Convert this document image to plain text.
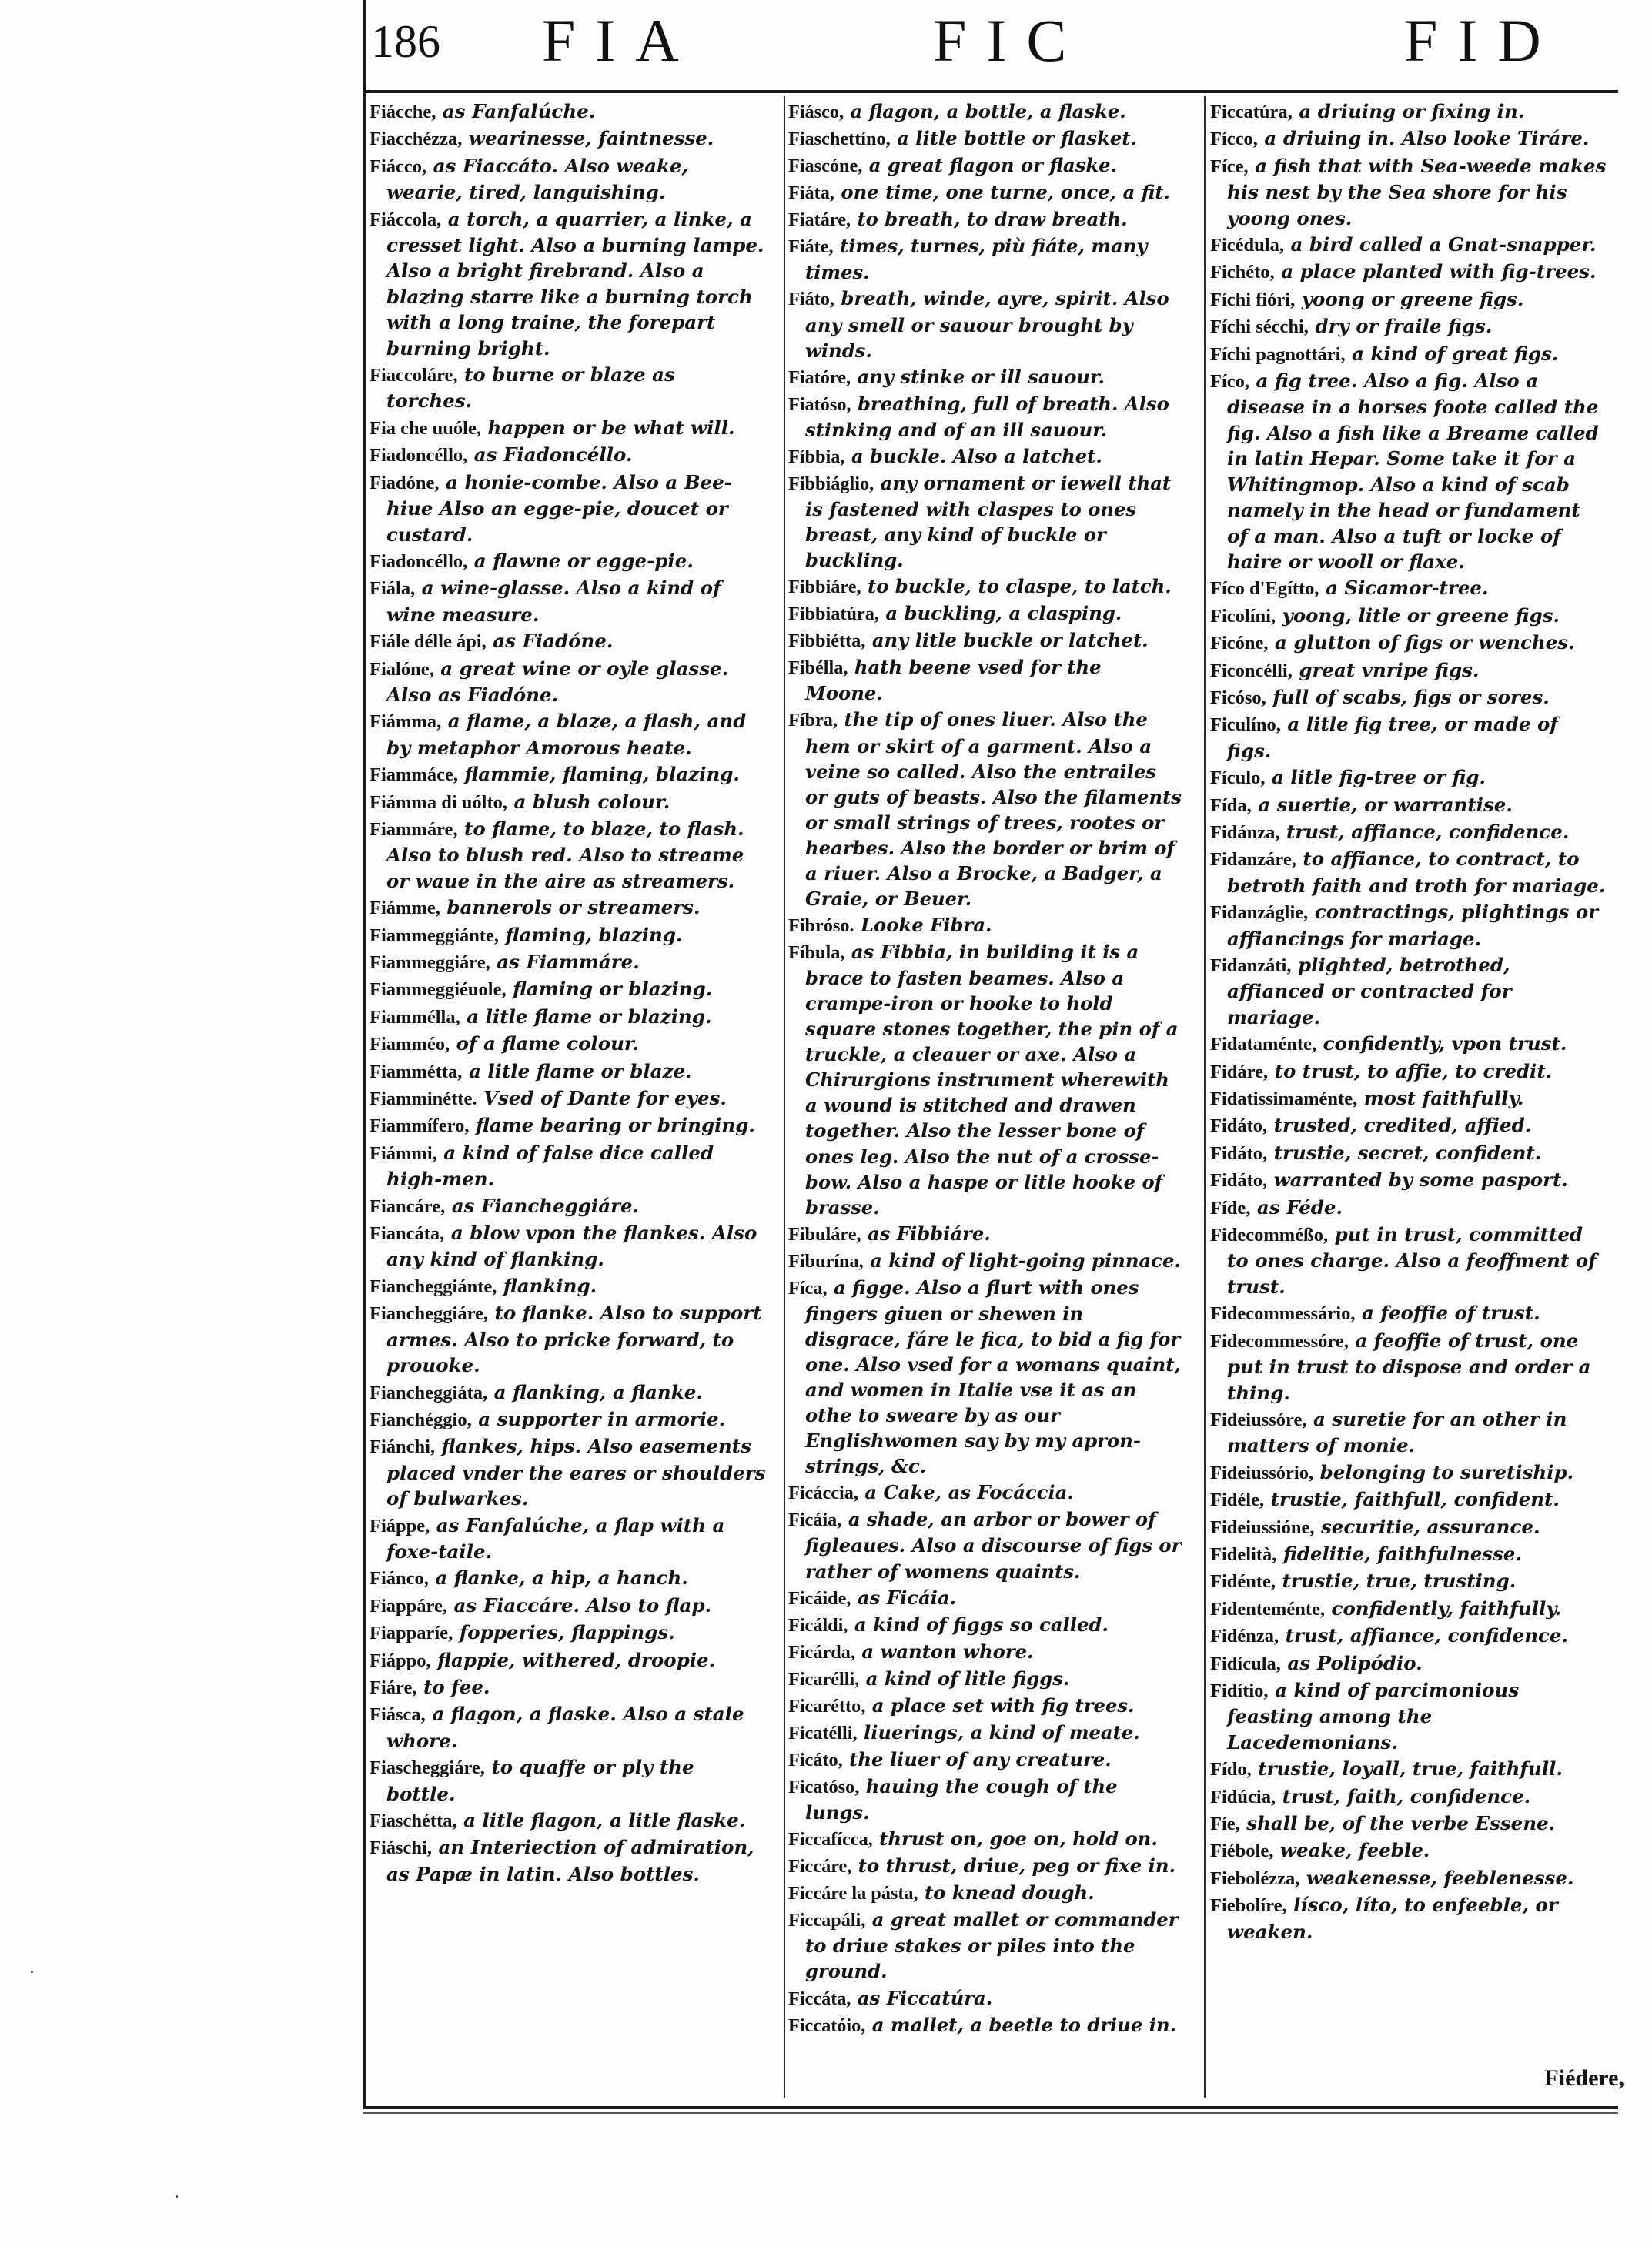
186 FIA	FIC	FID
Fiácche, as Fanfalúche.
Fiacchézza, wearinesse, faintnesse.
Fiácco, as Fiaccáto. Also weake, wearie, tired, languishing.
Fiáccola, a torch, a quarrier, a linke, a cresset light. Also a burning lampe. Also a bright firebrand. Also a blazing starre like a burning torch with a long traine, the forepart burning bright.
Fiaccoláre, to burne or blaze as torches.
Fia che uuóle, happen or be what will.
Fiadoncéllo, as Fiadoncéllo.
Fiadóne, a honie-combe. Also a Bee-hiue Also an egge-pie, doucet or custard.
Fiadoncéllo, a flawne or egge-pie.
Fiála, a wine-glasse. Also a kind of wine measure.
Fiále délle ápi, as Fiadóne.
Fialóne, a great wine or oyle glasse. Also as Fiadóne.
Fiámma, a flame, a blaze, a flash, and by metaphor Amorous heate.
Fiammáce, flammie, flaming, blazing.
Fiámma di uólto, a blush colour.
Fiammáre, to flame, to blaze, to flash. Also to blush red. Also to streame or waue in the aire as streamers.
Fiámme, bannerols or streamers.
Fiammeggiánte, flaming, blazing.
Fiammeggiáre, as Fiammáre.
Fiammeggiéuole, flaming or blazing.
Fiammélla, a litle flame or blazing.
Fiamméo, of a flame colour.
Fiamméttа, a litle flame or blaze.
Fiamminétte. Vsed of Dante for eyes.
Fiammífero, flame bearing or bringing.
Fiámmi, a kind of false dice called high-men.
Fiancáre, as Fiancheggiáre.
Fiancáta, a blow vpon the flankes. Also any kind of flanking.
Fiancheggiánte, flanking.
Fiancheggiáre, to flanke. Also to support armes. Also to pricke forward, to prouoke.
Fiancheggiáta, a flanking, a flanke.
Fianchéggio, a supporter in armorie.
Fiánchi, flankes, hips. Also easements placed vnder the eares or shoulders of bulwarkes.
Fiáppe, as Fanfalúche, a flap with a foxe-taile.
Fiánco, a flanke, a hip, a hanch.
Fiappáre, as Fiaccáre. Also to flap.
Fiapparíe, fopperies, flappings.
Fiáppo, flappie, withered, droopie.
Fiáre, to fee.
Fiásca, a flagon, a flaske. Also a stale whore.
Fiascheggiáre, to quaffe or ply the bottle.
Fiaschétta, a litle flagon, a litle flaske.
Fiáschi, an Interiection of admiration, as Papæ in latin. Also bottles.
Fiásco, a flagon, a bottle, a flaske.
Fiaschettíno, a litle bottle or flasket.
Fiascóne, a great flagon or flaske.
Fiáta, one time, one turne, once, a fit.
Fiatáre, to breath, to draw breath.
Fiáte, times, turnes, più fiáte, many times.
Fiáto, breath, winde, ayre, spirit. Also any smell or sauour brought by winds.
Fiatóre, any stinke or ill sauour.
Fiatóso, breathing, full of breath. Also stinking and of an ill sauour.
Fíbbia, a buckle. Also a latchet.
Fibbiáglio, any ornament or iewell that is fastened with claspes to ones breast, any kind of buckle or buckling.
Fibbiáre, to buckle, to claspe, to latch.
Fibbiatúra, a buckling, a clasping.
Fibbiétta, any litle buckle or latchet.
Fibélla, hath beene vsed for the Moone.
Fíbra, the tip of ones liuer. Also the hem or skirt of a garment. Also a veine so called. Also the entrailes or guts of beasts. Also the filaments or small strings of trees, rootes or hearbes. Also the border or brim of a riuer. Also a Brocke, a Badger, a Graie, or Beuer.
Fibróso. Looke Fibra.
Fíbula, as Fibbia, in building it is a brace to fasten beames. Also a crampe-iron or hooke to hold square stones together, the pin of a truckle, a cleauer or axe. Also a Chirurgions instrument wherewith a wound is stitched and drawen together. Also the lesser bone of ones leg. Also the nut of a crosse-bow. Also a haspe or litle hooke of brasse.
Fibuláre, as Fibbiáre.
Fiburína, a kind of light-going pinnace.
Fíca, a figge. Also a flurt with ones fingers giuen or shewen in disgrace, fáre le fica, to bid a fig for one. Also vsed for a womans quaint, and women in Italie vse it as an othe to sweare by as our Englishwomen say by my apron-strings, &c.
Ficáccia, a Cake, as Focáccia.
Ficáia, a shade, an arbor or bower of figleaues. Also a discourse of figs or rather of womens quaints.
Ficáide, as Ficáia.
Ficáldi, a kind of figgs so called.
Ficárda, a wanton whore.
Ficarélli, a kind of litle figgs.
Ficarétto, a place set with fig trees.
Ficatélli, liuerings, a kind of meate.
Ficáto, the liuer of any creature.
Ficatóso, hauing the cough of the lungs.
Ficcafícca, thrust on, goe on, hold on.
Ficcáre, to thrust, driue, peg or fixe in.
Ficcáre la pásta, to knead dough.
Ficcapáli, a great mallet or commander to driue stakes or piles into the ground.
Ficcáta, as Ficcatúra.
Ficcatóio, a mallet, a beetle to driue in.
Ficcatúra, a driuing or fixing in.
Fícco, a driuing in. Also looke Tiráre.
Fíce, a fish that with Sea-weede makes his nest by the Sea shore for his yoong ones.
Ficédula, a bird called a Gnat-snapper.
Fichéto, a place planted with fig-trees.
Fíchi fióri, yoong or greene figs.
Fíchi sécchi, dry or fraile figs.
Fíchi pagnottári, a kind of great figs.
Fíco, a fig tree. Also a fig. Also a disease in a horses foote called the fig. Also a fish like a Breame called in latin Hepar. Some take it for a Whitingmop. Also a kind of scab namely in the head or fundament of a man. Also a tuft or locke of haire or wooll or flaxe.
Fíco d'Egítto, a Sicamor-tree.
Ficolíni, yoong, litle or greene figs.
Ficóne, a glutton of figs or wenches.
Ficoncélli, great vnripe figs.
Ficóso, full of scabs, figs or sores.
Ficulíno, a litle fig tree, or made of figs.
Fículo, a litle fig-tree or fig.
Fída, a suertie, or warrantise.
Fidánza, trust, affiance, confidence.
Fidanzáre, to affiance, to contract, to betroth faith and troth for mariage.
Fidanzáglie, contractings, plightings or affiancings for mariage.
Fidanzáti, plighted, betrothed, affianced or contracted for mariage.
Fidataménte, confidently, vpon trust.
Fidáre, to trust, to affie, to credit.
Fidatissimaménte, most faithfully.
Fidáto, trusted, credited, affied.
Fidáto, trustie, secret, confident.
Fidáto, warranted by some pasport.
Fíde, as Féde.
Fidecomméßo, put in trust, committed to ones charge. Also a feoffment of trust.
Fidecommessário, a feoffie of trust.
Fidecommessóre, a feoffie of trust, one put in trust to dispose and order a thing.
Fideiussóre, a suretie for an other in matters of monie.
Fideiussório, belonging to suretiship.
Fidéle, trustie, faithfull, confident.
Fideiussióne, securitie, assurance.
Fidelità, fidelitie, faithfulnesse.
Fidénte, trustie, true, trusting.
Fidenteménte, confidently, faithfully.
Fidénza, trust, affiance, confidence.
Fidícula, as Polipódio.
Fidítio, a kind of parcimonious feasting among the Lacedemonians.
Fído, trustie, loyall, true, faithfull.
Fidúcia, trust, faith, confidence.
Fíe, shall be, of the verbe Essene.
Fiébole, weake, feeble.
Fiebolézza, weakenesse, feeblenesse.
Fiebolíre, lísco, líto, to enfeeble, or weaken.
Fiédere,
